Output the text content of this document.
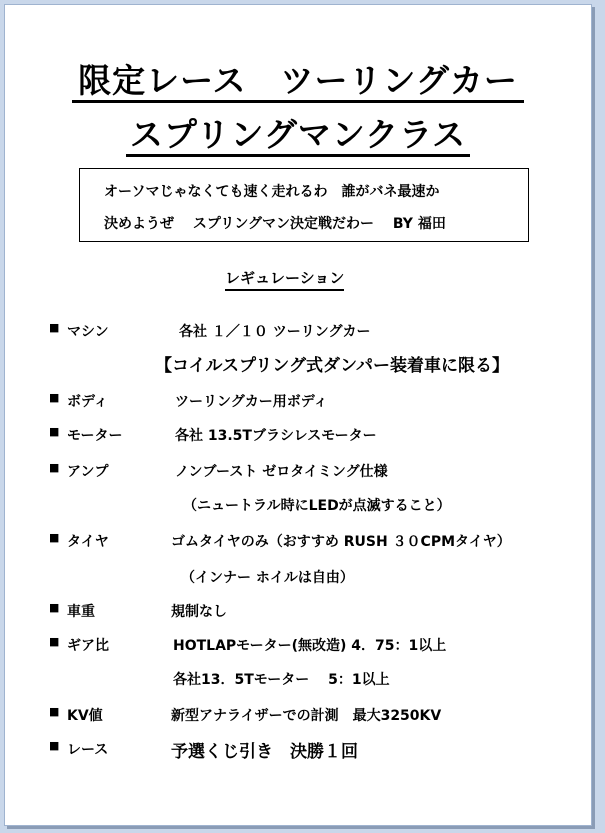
限定レース　ツーリングカー
スプリングマンクラス
オーソマじゃなくても速く走れるわ　誰がバネ最速か
決めようぜ　 スプリングマン決定戦だわー　 BY 福田
レギュレーション
■ マシン	各社 １／１０ ツーリングカー
【コイルスプリング式ダンパー装着車に限る】
■ ボディ	ツーリングカー用ボディ
■ モーター	各社 13.5Tブラシレスモーター
■ アンプ	ノンブースト ゼロタイミング仕様
（ニュートラル時にLEDが点滅すること）
■ タイヤ	ゴムタイヤのみ（おすすめ RUSH ３０CPMタイヤ）
（インナー ホイルは自由）
■ 車重	規制なし
■ ギア比	HOTLAPモーター(無改造) 4．75：1以上
各社13．5Tモーター　 5：1以上
■ KV値	新型アナライザーでの計測　最大3250KV
■ レース	予選くじ引き　決勝１回
